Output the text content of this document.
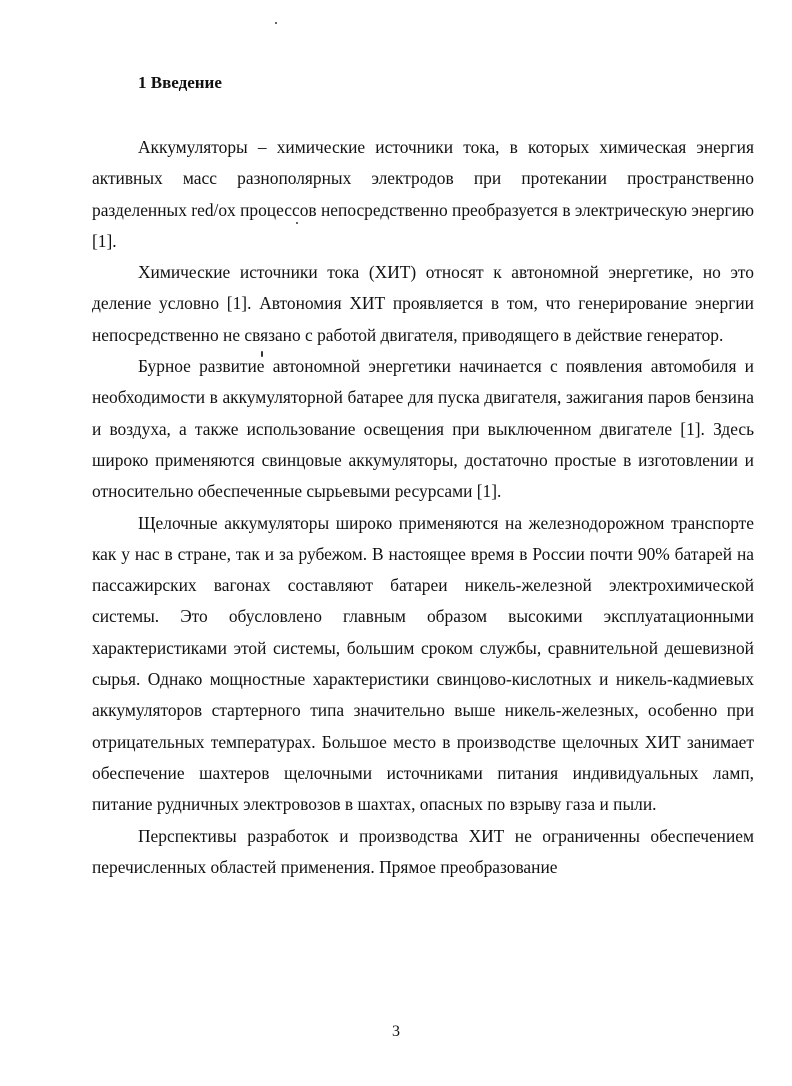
1 Введение

Аккумуляторы – химические источники тока, в которых химическая энергия активных масс разнополярных электродов при протекании пространственно разделенных red/ox процессов непосредственно преобразуется в электрическую энергию [1].

Химические источники тока (ХИТ) относят к автономной энергетике, но это деление условно [1]. Автономия ХИТ проявляется в том, что генерирование энергии непосредственно не связано с работой двигателя, приводящего в действие генератор.

Бурное развитие автономной энергетики начинается с появления автомобиля и необходимости в аккумуляторной батарее для пуска двигателя, зажигания паров бензина и воздуха, а также использование освещения при выключенном двигателе [1]. Здесь широко применяются свинцовые аккумуляторы, достаточно простые в изготовлении и относительно обеспеченные сырьевыми ресурсами [1].

Щелочные аккумуляторы широко применяются на железнодорожном транспорте как у нас в стране, так и за рубежом. В настоящее время в России почти 90% батарей на пассажирских вагонах составляют батареи никель-железной электрохимической системы. Это обусловлено главным образом высокими эксплуатационными характеристиками этой системы, большим сроком службы, сравнительной дешевизной сырья. Однако мощностные характеристики свинцово-кислотных и никель-кадмиевых аккумуляторов стартерного типа значительно выше никель-железных, особенно при отрицательных температурах. Большое место в производстве щелочных ХИТ занимает обеспечение шахтеров щелочными источниками питания индивидуальных ламп, питание рудничных электровозов в шахтах, опасных по взрыву газа и пыли.

Перспективы разработок и производства ХИТ не ограниченны обеспечением перечисленных областей применения. Прямое преобразование

3
